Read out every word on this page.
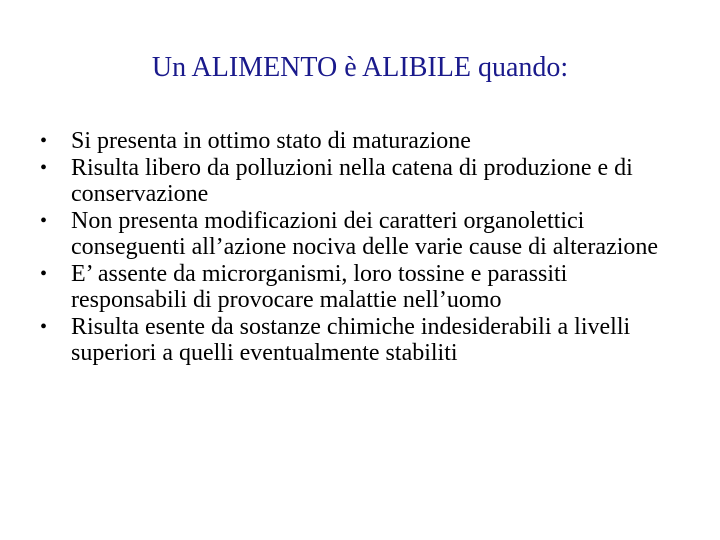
Un ALIMENTO è ALIBILE quando:
• Si presenta in ottimo stato di maturazione
• Risulta libero da polluzioni nella catena di produzione e di conservazione
• Non presenta modificazioni dei caratteri organolettici conseguenti all’azione nociva delle varie cause di alterazione
• E’ assente da microrganismi, loro tossine e parassiti responsabili di provocare malattie nell’uomo
• Risulta esente da sostanze chimiche indesiderabili a livelli superiori a quelli eventualmente stabiliti
